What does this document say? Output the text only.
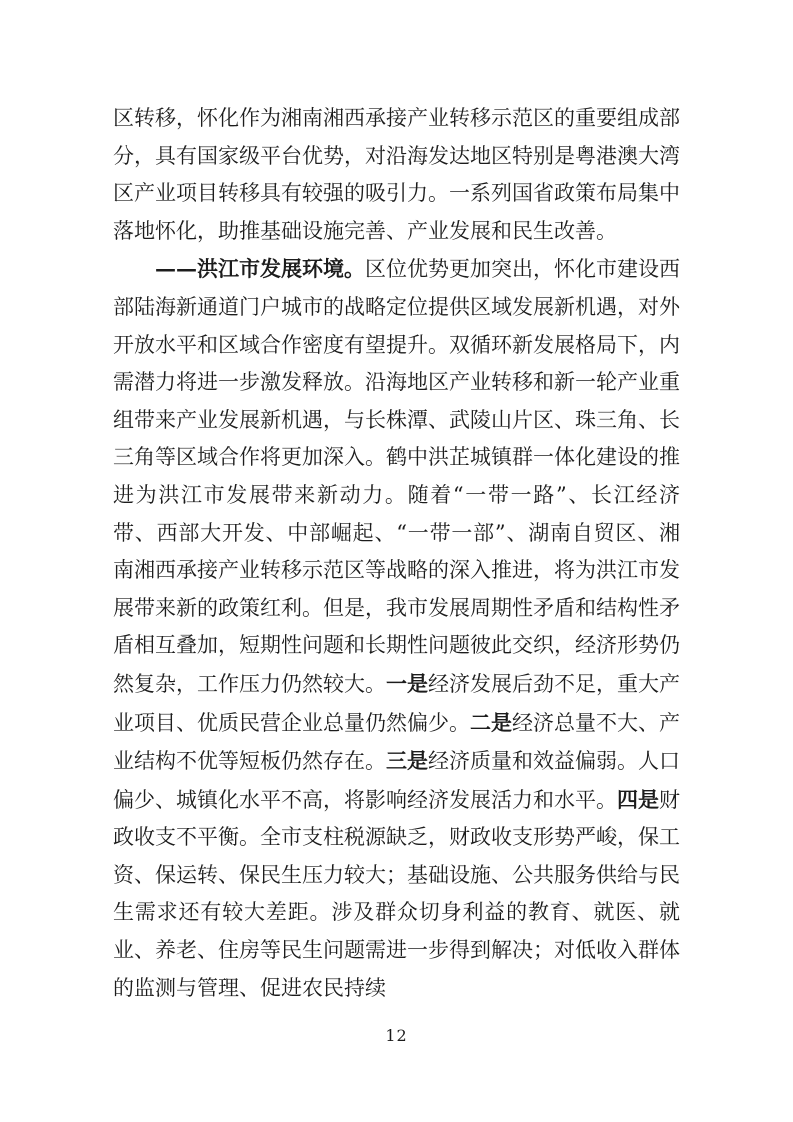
区转移，怀化作为湘南湘西承接产业转移示范区的重要组成部分，具有国家级平台优势，对沿海发达地区特别是粤港澳大湾区产业项目转移具有较强的吸引力。一系列国省政策布局集中落地怀化，助推基础设施完善、产业发展和民生改善。

——洪江市发展环境。区位优势更加突出，怀化市建设西部陆海新通道门户城市的战略定位提供区域发展新机遇，对外开放水平和区域合作密度有望提升。双循环新发展格局下，内需潜力将进一步激发释放。沿海地区产业转移和新一轮产业重组带来产业发展新机遇，与长株潭、武陵山片区、珠三角、长三角等区域合作将更加深入。鹤中洪芷城镇群一体化建设的推进为洪江市发展带来新动力。随着“一带一路”、长江经济带、西部大开发、中部崛起、“一带一部”、湖南自贸区、湘南湘西承接产业转移示范区等战略的深入推进，将为洪江市发展带来新的政策红利。但是，我市发展周期性矛盾和结构性矛盾相互叠加，短期性问题和长期性问题彼此交织，经济形势仍然复杂，工作压力仍然较大。一是经济发展后劲不足，重大产业项目、优质民营企业总量仍然偏少。二是经济总量不大、产业结构不优等短板仍然存在。三是经济质量和效益偏弱。人口偏少、城镇化水平不高，将影响经济发展活力和水平。四是财政收支不平衡。全市支柱税源缺乏，财政收支形势严峻，保工资、保运转、保民生压力较大；基础设施、公共服务供给与民生需求还有较大差距。涉及群众切身利益的教育、就医、就业、养老、住房等民生问题需进一步得到解决；对低收入群体的监测与管理、促进农民持续

12
